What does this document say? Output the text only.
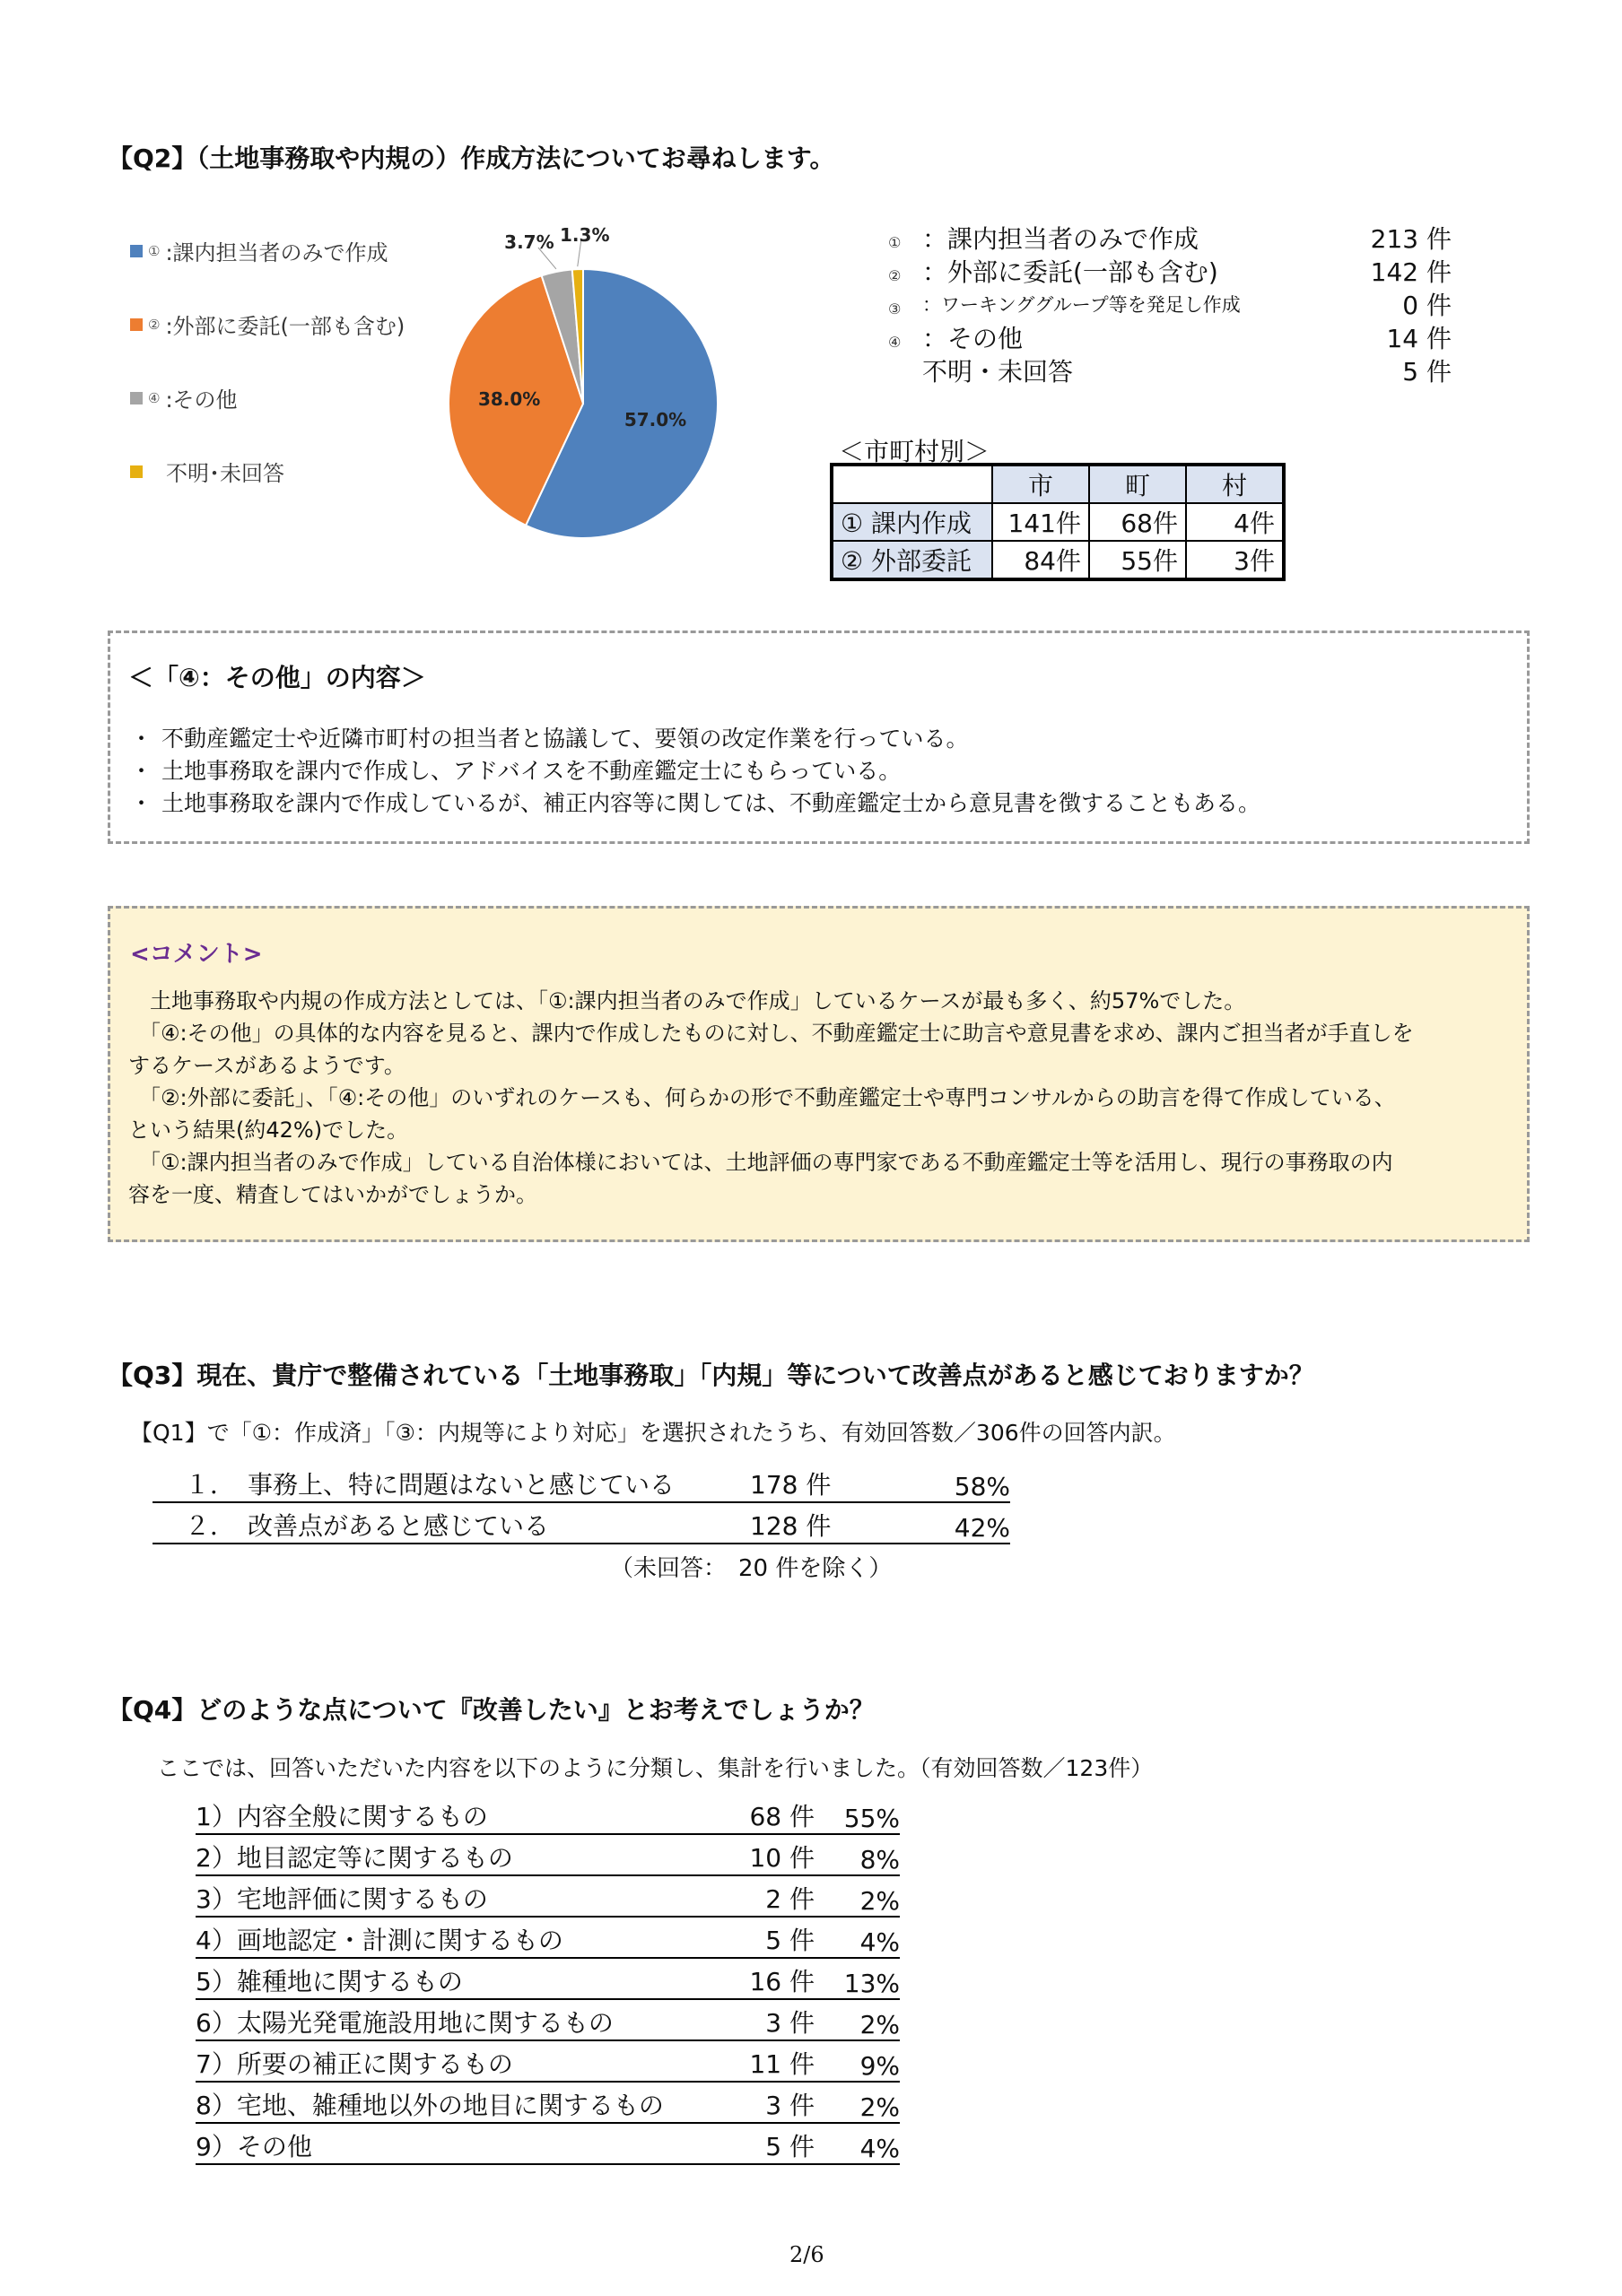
【Q2】（土地事務取や内規の）作成方法についてお尋ねします。
① :課内担当者のみで作成
② :外部に委託(一部も含む)
④ :その他
不明･未回答
57.0%
38.0%
3.7% 1.3%	① ：課内担当者のみで作成	213 件
② ：外部に委託(一部も含む)	142 件
③	：ワーキンググループ等を発足し作成	0 件
④ ：その他	14 件
不明・未回答	5 件
＜市町村別＞
	市	町	村
① 課内作成	141件	68件	4件
② 外部委託	84件	55件	3件
＜「④：その他」の内容＞
・ 不動産鑑定士や近隣市町村の担当者と協議して、要領の改定作業を行っている。
・ 土地事務取を課内で作成し、アドバイスを不動産鑑定士にもらっている。
・ 土地事務取を課内で作成しているが、補正内容等に関しては、不動産鑑定士から意見書を徴することもある。
<コメント>

　土地事務取や内規の作成方法としては、「①:課内担当者のみで作成」しているケースが最も多く、約57%でした。

　「④:その他」の具体的な内容を見ると、課内で作成したものに対し、不動産鑑定士に助言や意見書を求め、課内ご担当者が手直しを

するケースがあるようです。

　「②:外部に委託」、「④:その他」のいずれのケースも、何らかの形で不動産鑑定士や専門コンサルからの助言を得て作成している、

という結果(約42%)でした。

　「①:課内担当者のみで作成」している自治体様においては、土地評価の専門家である不動産鑑定士等を活用し、現行の事務取の内

容を一度、精査してはいかがでしょうか。

【Q3】現在、貴庁で整備されている「土地事務取」「内規」等について改善点があると感じておりますか？
【Q1】で「①：作成済」「③：内規等により対応」を選択されたうち、有効回答数／306件の回答内訳。
１．　事務上、特に問題はないと感じている	178 件	58%
２．　改善点があると感じている	128 件	42%
（未回答：　20 件を除く）
【Q4】どのような点について『改善したい』とお考えでしょうか？
ここでは、回答いただいた内容を以下のように分類し、集計を行いました。（有効回答数／123件）
1）内容全般に関するもの	68 件	55%
2）地目認定等に関するもの	10 件	8%
3）宅地評価に関するもの	2 件	2%
4）画地認定・計測に関するもの	5 件	4%
5）雑種地に関するもの	16 件	13%
6）太陽光発電施設用地に関するもの	3 件	2%
7）所要の補正に関するもの	11 件	9%
8）宅地、雑種地以外の地目に関するもの	3 件	2%
9）その他	5 件	4%
2/6
